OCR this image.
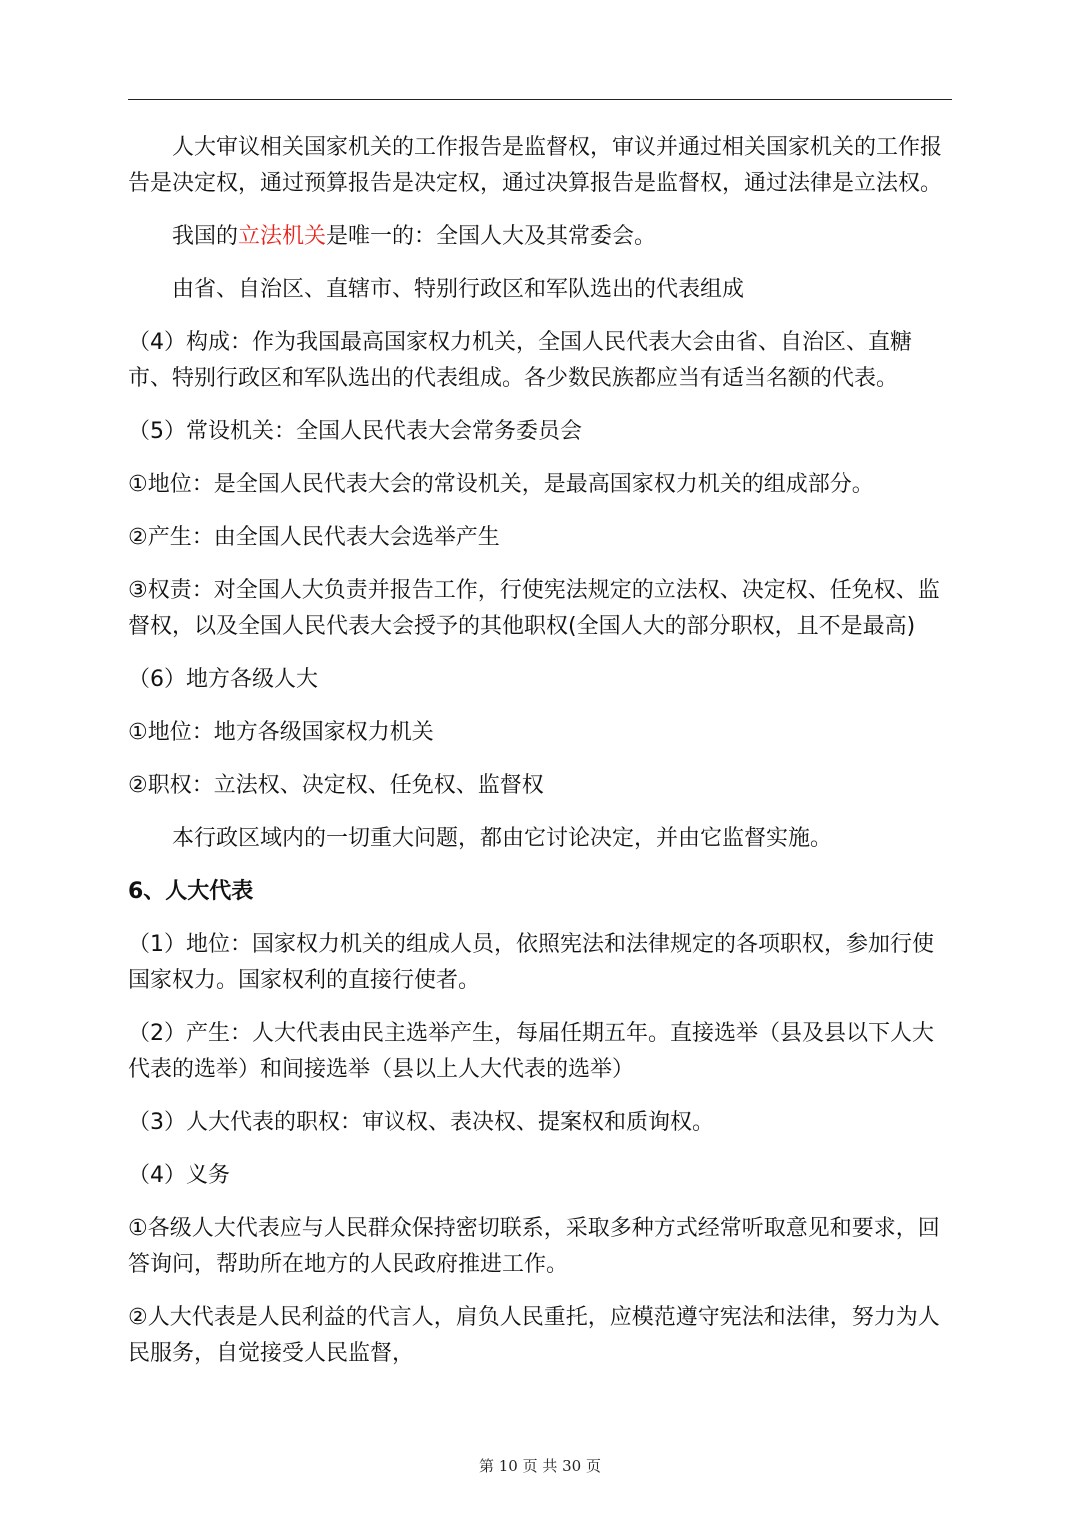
人大审议相关国家机关的工作报告是监督权，审议并通过相关国家机关的工作报告是决定权，通过预算报告是决定权，通过决算报告是监督权，通过法律是立法权。

我国的立法机关是唯一的：全国人大及其常委会。

由省、自治区、直辖市、特别行政区和军队选出的代表组成

（4）构成：作为我国最高国家权力机关，全国人民代表大会由省、自治区、直糖市、特别行政区和军队选出的代表组成。各少数民族都应当有适当名额的代表。

（5）常设机关：全国人民代表大会常务委员会

①地位：是全国人民代表大会的常设机关，是最高国家权力机关的组成部分。

②产生：由全国人民代表大会选举产生

③权责：对全国人大负责并报告工作，行使宪法规定的立法权、决定权、任免权、监督权，以及全国人民代表大会授予的其他职权(全国人大的部分职权，且不是最高)

（6）地方各级人大

①地位：地方各级国家权力机关

②职权：立法权、决定权、任免权、监督权

本行政区域内的一切重大问题，都由它讨论决定，并由它监督实施。

6、人大代表

（1）地位：国家权力机关的组成人员，依照宪法和法律规定的各项职权，参加行使国家权力。国家权利的直接行使者。

（2）产生：人大代表由民主选举产生，每届任期五年。直接选举（县及县以下人大代表的选举）和间接选举（县以上人大代表的选举）

（3）人大代表的职权：审议权、表决权、提案权和质询权。

（4）义务

①各级人大代表应与人民群众保持密切联系，采取多种方式经常听取意见和要求，回答询问，帮助所在地方的人民政府推进工作。

②人大代表是人民利益的代言人，肩负人民重托，应模范遵守宪法和法律，努力为人民服务，自觉接受人民监督，

第 10 页 共 30 页
